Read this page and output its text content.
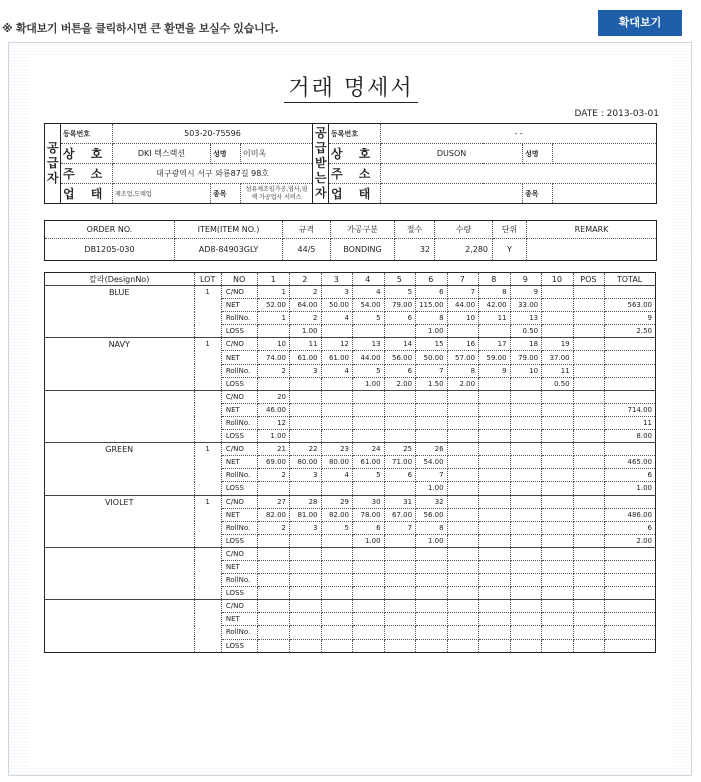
※ 확대보기 버튼을 클릭하시면 큰 환면을 보실수 있습니다.	확대보기
거래 명세서
DATE : 2013-03-01
공급자	등록번호	503-20-75596			공급받는자	등록번호	- -		
	상 호	DKI 텍스랙션	성명	이미옥		상 호	DUSON	성명	
	주 소	대구광역시 서구 와룡87길 98호				주 소			
	업 태	제조업,도매업	종목	섬유제조임가공,염사,염색 가공업사 서비스		업 태		종목	
ORDER NO.	ITEM(ITEM NO.)	규격	가공구분	절수	수량	단위	REMARK
DB1205-030	AD8-84903GLY	44/5	BONDING	32	2,280	Y	
칼라(DesignNo)	LOT	NO	1	2	3	4	5	6	7	8	9	10	POS	TOTAL
BLUE	1	C/NO	1	2	3	4	5	6	7	8	9			
		NET	52.00	64.00	50.00	54.00	79.00	115.00	44.00	42.00	33.00			563.00
		RollNo.	1	2	4	5	6	8	10	11	13			9
		LOSS		1.00				1.00			0.50			2.50
NAVY	1	C/NO	10	11	12	13	14	15	16	17	18	19		
		NET	74.00	61.00	61.00	44.00	56.00	50.00	57.00	59.00	79.00	37.00		
		RollNo.	2	3	4	5	6	7	8	9	10	11		
		LOSS				1.00	2.00	1.50	2.00			0.50		
		C/NO	20											
		NET	46.00											714.00
		RollNo.	12											11
		LOSS	1.00											8.00
GREEN	1	C/NO	21	22	23	24	25	26						
		NET	69.00	80.00	80.00	61.00	71.00	54.00						465.00
		RollNo.	2	3	4	5	6	7						6
		LOSS						1.00						1.00
VIOLET	1	C/NO	27	28	29	30	31	32						
		NET	82.00	81.00	82.00	78.00	67.00	56.00						486.00
		RollNo.	2	3	5	6	7	8						6
		LOSS				1.00		1.00						2.00
		C/NO												
		NET												
		RollNo.												
		LOSS												
		C/NO												
		NET												
		RollNo.												
		LOSS												
